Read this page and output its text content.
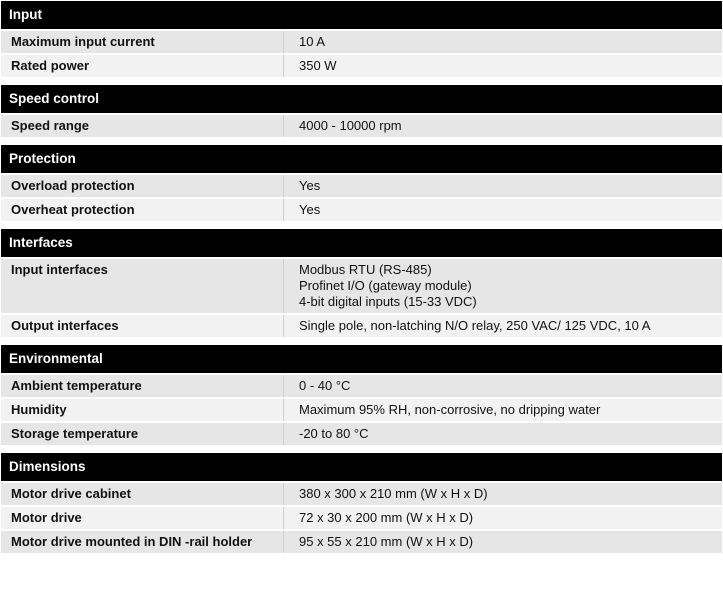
Input
Maximum input current	10 A
Rated power	350 W
Speed control
Speed range	4000 - 10000 rpm
Protection
Overload protection	Yes
Overheat protection	Yes
Interfaces
Input interfaces	Modbus RTU (RS-485)
Profinet I/O (gateway module)
4-bit digital inputs (15-33 VDC)
Output interfaces	Single pole, non-latching N/O relay, 250 VAC/ 125 VDC, 10 A
Environmental
Ambient temperature	0 - 40 °C
Humidity	Maximum 95% RH, non-corrosive, no dripping water
Storage temperature	-20 to 80 °C
Dimensions
Motor drive cabinet	380 x 300 x 210 mm (W x H x D)
Motor drive	72 x 30 x 200 mm (W x H x D)
Motor drive mounted in DIN -rail holder	95 x 55 x 210 mm (W x H x D)
